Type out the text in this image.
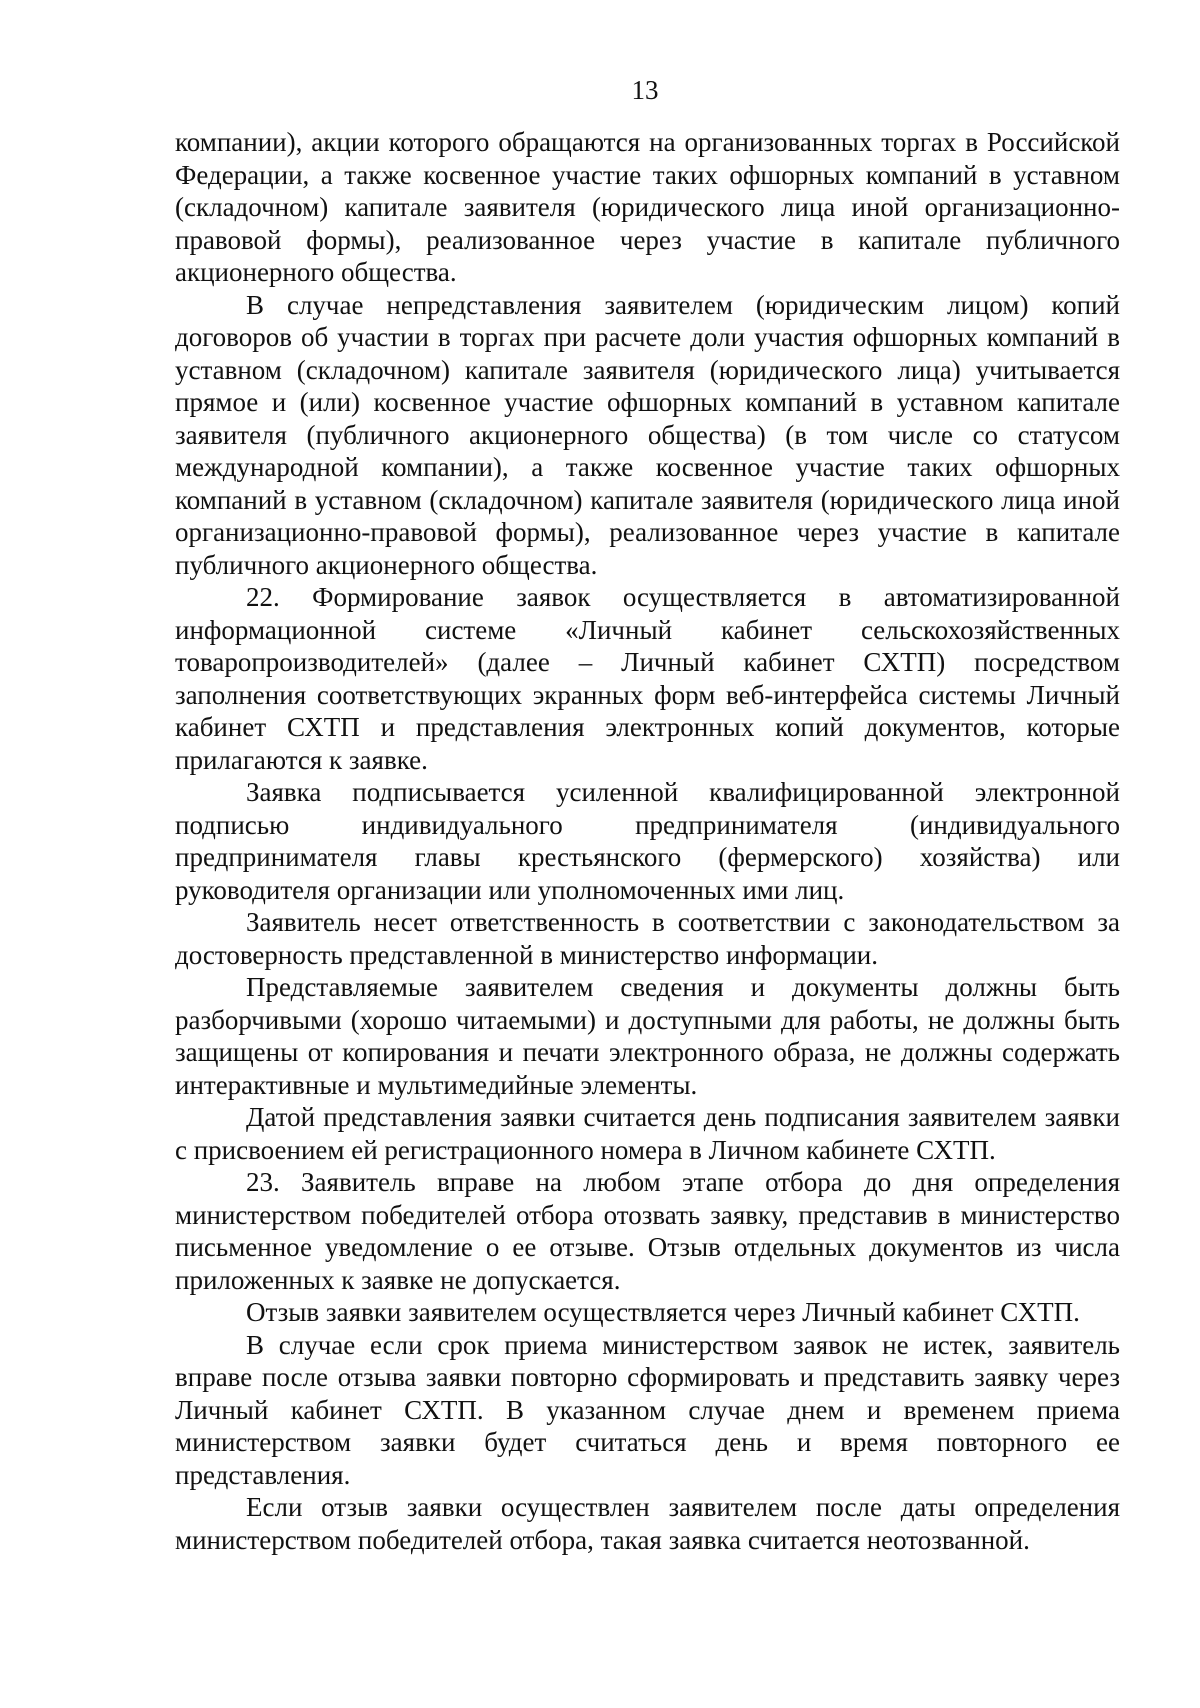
13

компании), акции которого обращаются на организованных торгах в Российской Федерации, а также косвенное участие таких офшорных компаний в уставном (складочном) капитале заявителя (юридического лица иной организационно-правовой формы), реализованное через участие в капитале публичного акционерного общества.

В случае непредставления заявителем (юридическим лицом) копий договоров об участии в торгах при расчете доли участия офшорных компаний в уставном (складочном) капитале заявителя (юридического лица) учитывается прямое и (или) косвенное участие офшорных компаний в уставном капитале заявителя (публичного акционерного общества) (в том числе со статусом международной компании), а также косвенное участие таких офшорных компаний в уставном (складочном) капитале заявителя (юридического лица иной организационно-правовой формы), реализованное через участие в капитале публичного акционерного общества.

22. Формирование заявок осуществляется в автоматизированной информационной системе «Личный кабинет сельскохозяйственных товаропроизводителей» (далее – Личный кабинет СХТП) посредством заполнения соответствующих экранных форм веб-интерфейса системы Личный кабинет СХТП и представления электронных копий документов, которые прилагаются к заявке.

Заявка подписывается усиленной квалифицированной электронной подписью индивидуального предпринимателя (индивидуального предпринимателя главы крестьянского (фермерского) хозяйства) или руководителя организации или уполномоченных ими лиц.

Заявитель несет ответственность в соответствии с законодательством за достоверность представленной в министерство информации.

Представляемые заявителем сведения и документы должны быть разборчивыми (хорошо читаемыми) и доступными для работы, не должны быть защищены от копирования и печати электронного образа, не должны содержать интерактивные и мультимедийные элементы.

Датой представления заявки считается день подписания заявителем заявки с присвоением ей регистрационного номера в Личном кабинете СХТП.

23. Заявитель вправе на любом этапе отбора до дня определения министерством победителей отбора отозвать заявку, представив в министерство письменное уведомление о ее отзыве. Отзыв отдельных документов из числа приложенных к заявке не допускается.

Отзыв заявки заявителем осуществляется через Личный кабинет СХТП.

В случае если срок приема министерством заявок не истек, заявитель вправе после отзыва заявки повторно сформировать и представить заявку через Личный кабинет СХТП. В указанном случае днем и временем приема министерством заявки будет считаться день и время повторного ее представления.

Если отзыв заявки осуществлен заявителем после даты определения министерством победителей отбора, такая заявка считается неотозванной.
